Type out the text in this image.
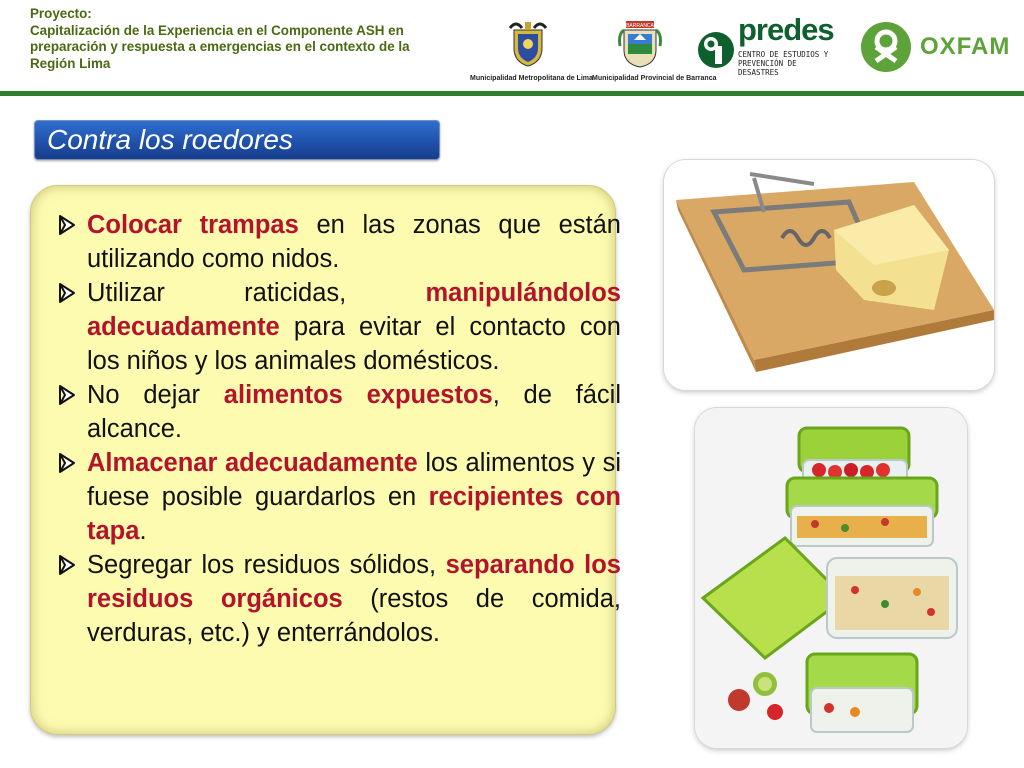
Proyecto:
Capitalización de la Experiencia en el Componente ASH en preparación y respuesta a emergencias en el contexto de la Región Lima
Municipalidad Metropolitana de Lima
BARRANCA
Municipalidad Provincial de Barranca
predes
CENTRO DE ESTUDIOS Y
PREVENCIÓN DE DESASTRES
OXFAM
Contra los roedores
Colocar trampas en las zonas que están utilizando como nidos.
Utilizar raticidas, manipulándolos adecuadamente para evitar el contacto con los niños y los animales domésticos.
No dejar alimentos expuestos, de fácil alcance.
Almacenar adecuadamente los alimentos y si fuese posible guardarlos en recipientes con tapa.
Segregar los residuos sólidos, separando los residuos orgánicos (restos de comida, verduras, etc.) y enterrándolos.
